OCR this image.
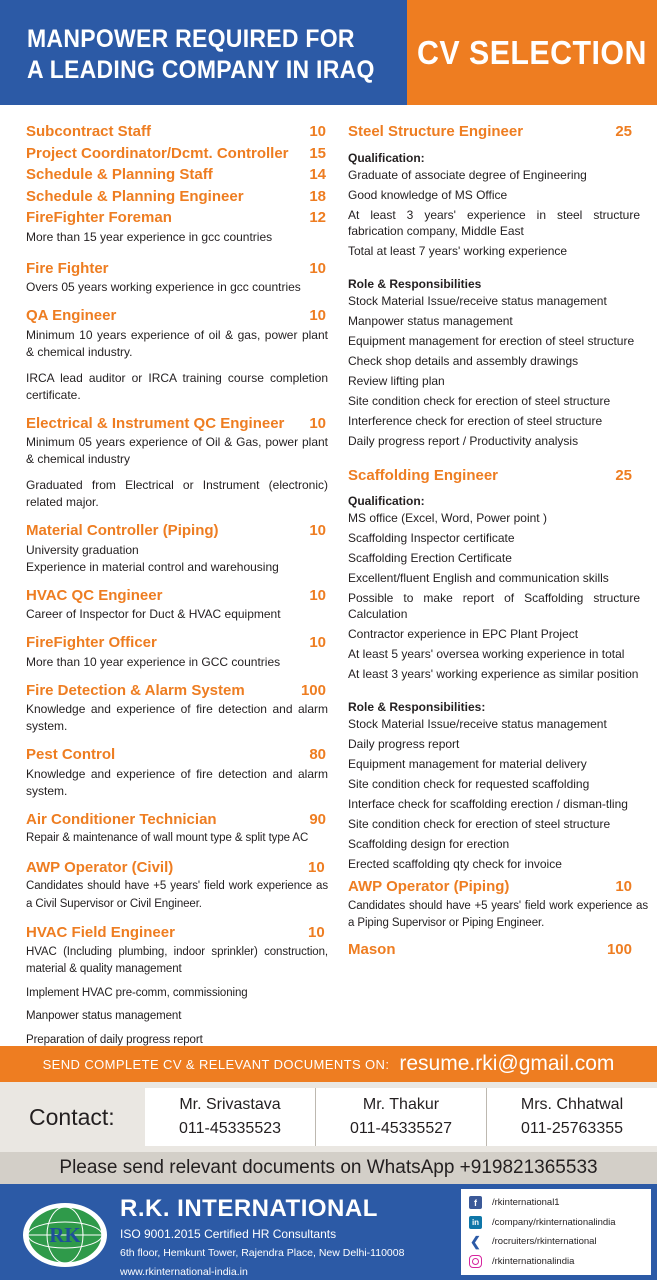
MANPOWER REQUIRED FOR
A LEADING COMPANY IN IRAQ CV SELECTION
Subcontract Staff	10
Project Coordinator/Dcmt. Controller 15
Schedule & Planning Staff	14
Schedule & Planning Engineer	18
FireFighter Foreman	12
More than 15 year experience in gcc countries
Fire Fighter	10
Overs 05 years working experience in gcc countries
QA Engineer	10
Minimum 10 years experience of oil & gas, power plant & chemical industry.
IRCA lead auditor or IRCA training course completion certificate.
Electrical & Instrument QC Engineer 10
Minimum 05 years experience of Oil & Gas, power plant & chemical industry
Graduated from Electrical or Instrument (electronic) related major.
Material Controller (Piping)	10
University graduation
Experience in material control and warehousing
HVAC QC Engineer	10
Career of Inspector for Duct & HVAC equipment
FireFighter Officer	10
More than 10 year experience in GCC countries
Fire Detection & Alarm System	100
Knowledge and experience of fire detection and alarm system.
Pest Control	80
Knowledge and experience of fire detection and alarm system.
Air Conditioner Technician	90
Repair & maintenance of wall mount type & split type AC
AWP Operator (Civil)	10
Candidates should have +5 years' field work experience as a Civil Supervisor or Civil Engineer.
HVAC Field Engineer	10
HVAC (Including plumbing, indoor sprinkler) construction, material & quality management
Implement HVAC pre-comm, commissioning
Manpower status management
Preparation of daily progress report
Steel Structure Engineer	25
Qualification:
Graduate of associate degree of Engineering
Good knowledge of MS Office
At least 3 years' experience in steel structure fabrication company, Middle East
Total at least 7 years' working experience
Role & Responsibilities
Stock Material Issue/receive status management
Manpower status management
Equipment management for erection of steel structure
Check shop details and assembly drawings
Review lifting plan
Site condition check for erection of steel structure
Interference check for erection of steel structure
Daily progress report / Productivity analysis
Scaffolding Engineer	25
Qualification:
MS office (Excel, Word, Power point )
Scaffolding Inspector certificate
Scaffolding Erection Certificate
Excellent/fluent English and communication skills
Possible to make report of Scaffolding structure Calculation
Contractor experience in EPC Plant Project
At least 5 years' oversea working experience in total
At least 3 years' working experience as similar position
Role & Responsibilities:
Stock Material Issue/receive status management
Daily progress report
Equipment management for material delivery
Site condition check for requested scaffolding
Interface check for scaffolding erection / disman-tling
Site condition check for erection of steel structure
Scaffolding design for erection
Erected scaffolding qty check for invoice
AWP Operator (Piping)	10
Candidates should have +5 years' field work experience as a Piping Supervisor or Piping Engineer.
Mason	100
SEND COMPLETE CV & RELEVANT DOCUMENTS ON: resume.rki@gmail.com
Contact:	Mr. Srivastava
011-45335523
Mr. Thakur
011-45335527
Mrs. Chhatwal
011-25763355
Please send relevant documents on WhatsApp +919821365533
RK
R.K. INTERNATIONAL
ISO 9001.2015 Certified HR Consultants
6th floor, Hemkunt Tower, Rajendra Place, New Delhi-110008
www.rkinternational-india.in
f	/rkinternational1
in	/company/rkinternationalindia
❮ /rocruiters/rkinternational
/rkinternationalindia
